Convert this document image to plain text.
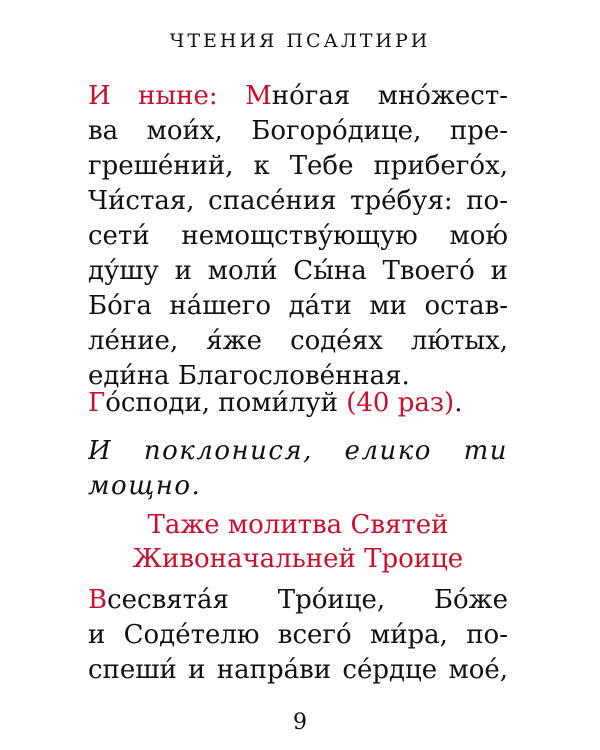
ЧТЕНИЯ ПСАЛТИРИ
И ныне: Мно́гая мно́жест-
ва мои́х, Богоро́дице, пре-
греше́ний, к Тебе прибего́х,
Чи́стая, спасе́ния тре́буя: по-
сети́ немощству́ющую мою́
ду́шу и моли́ Сы́на Твоего́ и
Бо́га на́шего да́ти ми остав-
ле́ние, я́же соде́ях лю́тых,
еди́на Благослове́нная.
Го́споди, поми́луй (40 раз).
И поклонися, елико ти
мощно.
Таже молитва Святей
Живоначальней Троице
Всесвята́я Тро́ице, Бо́же
и Соде́телю всего́ ми́ра, по-
спеши́ и напра́ви се́рдце мое́,
9
